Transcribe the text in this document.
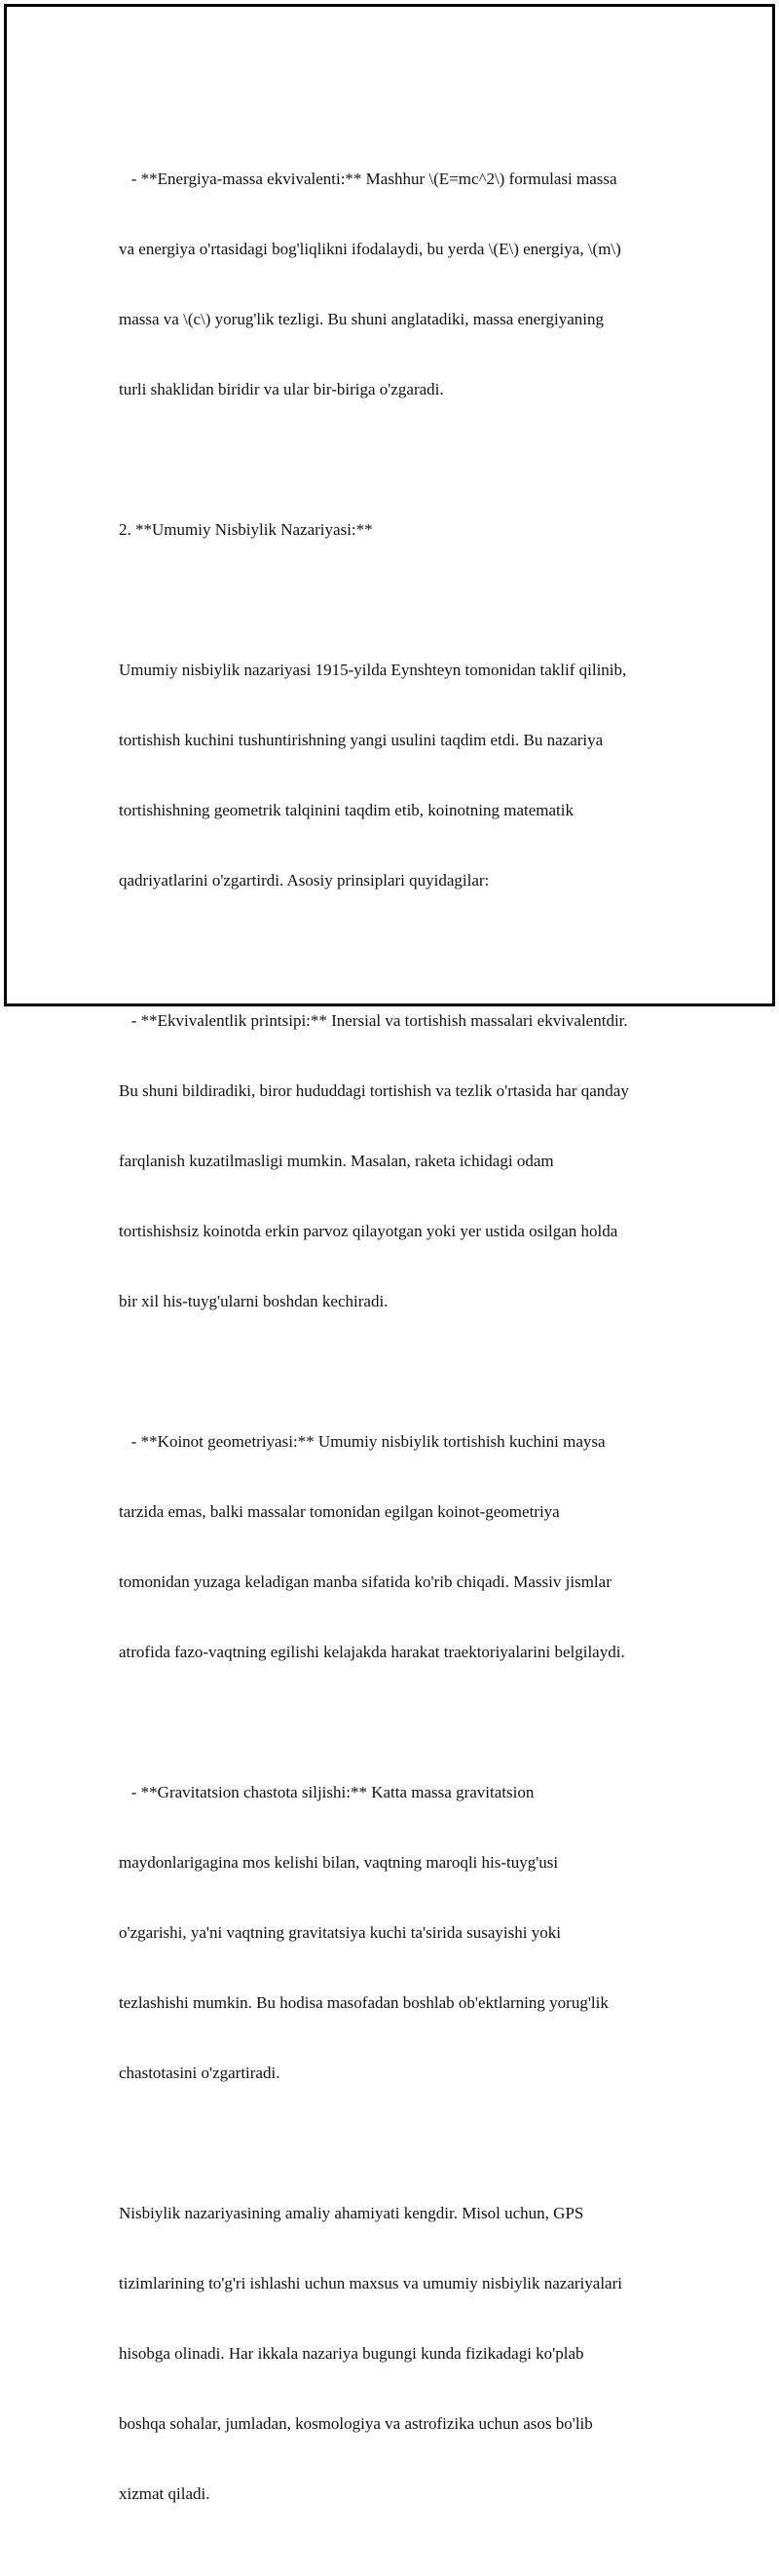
- **Energiya-massa ekvivalenti:** Mashhur \(E=mc^2\) formulasi massa

va energiya o'rtasidagi bog'liqlikni ifodalaydi, bu yerda \(E\) energiya, \(m\)

massa va \(c\) yorug'lik tezligi. Bu shuni anglatadiki, massa energiyaning

turli shaklidan biridir va ular bir-biriga o'zgaradi.

2. **Umumiy Nisbiylik Nazariyasi:**

Umumiy nisbiylik nazariyasi 1915-yilda Eynshteyn tomonidan taklif qilinib,

tortishish kuchini tushuntirishning yangi usulini taqdim etdi. Bu nazariya

tortishishning geometrik talqinini taqdim etib, koinotning matematik

qadriyatlarini o'zgartirdi. Asosiy prinsiplari quyidagilar:

- **Ekvivalentlik printsipi:** Inersial va tortishish massalari ekvivalentdir.

Bu shuni bildiradiki, biror hududdagi tortishish va tezlik o'rtasida har qanday

farqlanish kuzatilmasligi mumkin. Masalan, raketa ichidagi odam

tortishishsiz koinotda erkin parvoz qilayotgan yoki yer ustida osilgan holda

bir xil his-tuyg'ularni boshdan kechiradi.

- **Koinot geometriyasi:** Umumiy nisbiylik tortishish kuchini maysa

tarzida emas, balki massalar tomonidan egilgan koinot-geometriya

tomonidan yuzaga keladigan manba sifatida ko'rib chiqadi. Massiv jismlar

atrofida fazo-vaqtning egilishi kelajakda harakat traektoriyalarini belgilaydi.

- **Gravitatsion chastota siljishi:** Katta massa gravitatsion

maydonlarigagina mos kelishi bilan, vaqtning maroqli his-tuyg'usi

o'zgarishi, ya'ni vaqtning gravitatsiya kuchi ta'sirida susayishi yoki

tezlashishi mumkin. Bu hodisa masofadan boshlab ob'ektlarning yorug'lik

chastotasini o'zgartiradi.

Nisbiylik nazariyasining amaliy ahamiyati kengdir. Misol uchun, GPS

tizimlarining to'g'ri ishlashi uchun maxsus va umumiy nisbiylik nazariyalari

hisobga olinadi. Har ikkala nazariya bugungi kunda fizikadagi ko'plab

boshqa sohalar, jumladan, kosmologiya va astrofizika uchun asos bo'lib

xizmat qiladi.
